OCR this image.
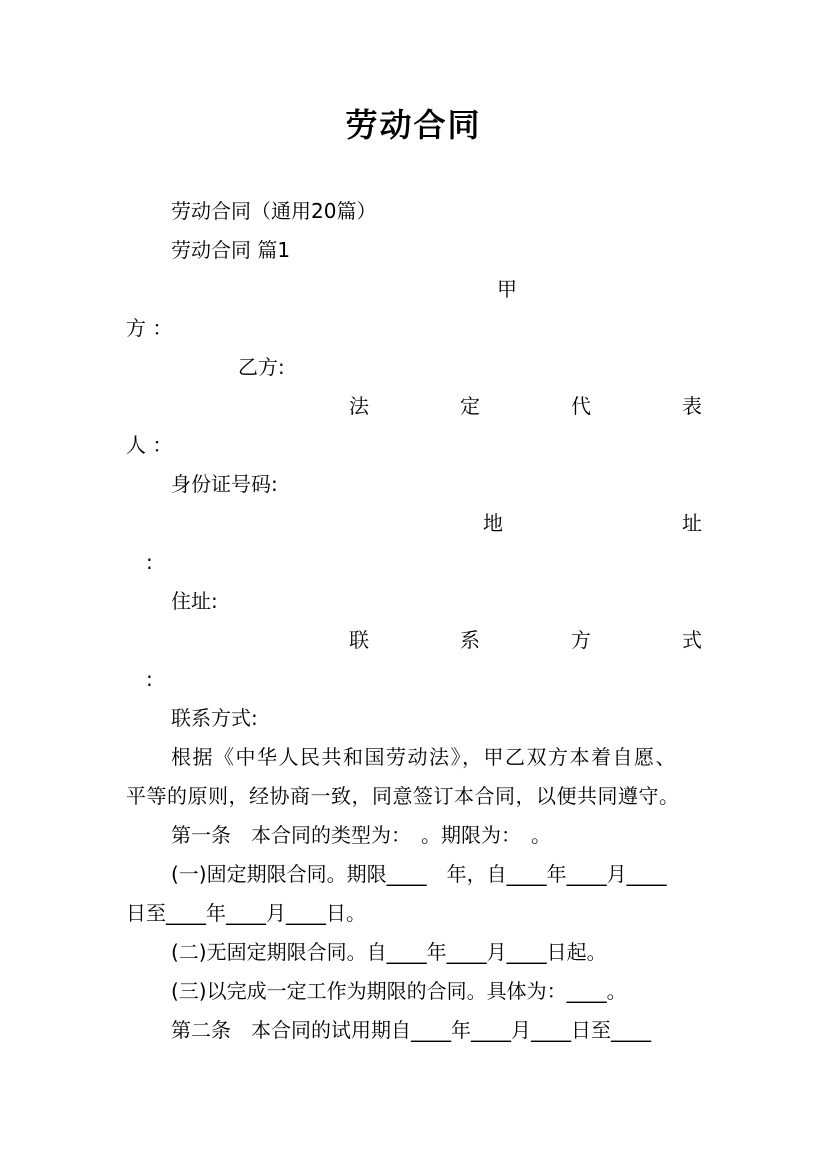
劳动合同
劳动合同（通用20篇）
劳动合同 篇1
甲
方 ：
乙方:
法	定	代	表
人 ：
身份证号码:
地	址
:
住址:
联	系	方	式
:
联系方式:
根据《中华人民共和国劳动法》，甲乙双方本着自愿、
平等的原则，经协商一致，同意签订本合同，以便共同遵守。
第一条　本合同的类型为：　。期限为：　。
(一)固定期限合同。期限____　年，自____年____月____
日至____年____月____日。
(二)无固定期限合同。自____年____月____日起。
(三)以完成一定工作为期限的合同。具体为：____。
第二条　本合同的试用期自____年____月____日至____
